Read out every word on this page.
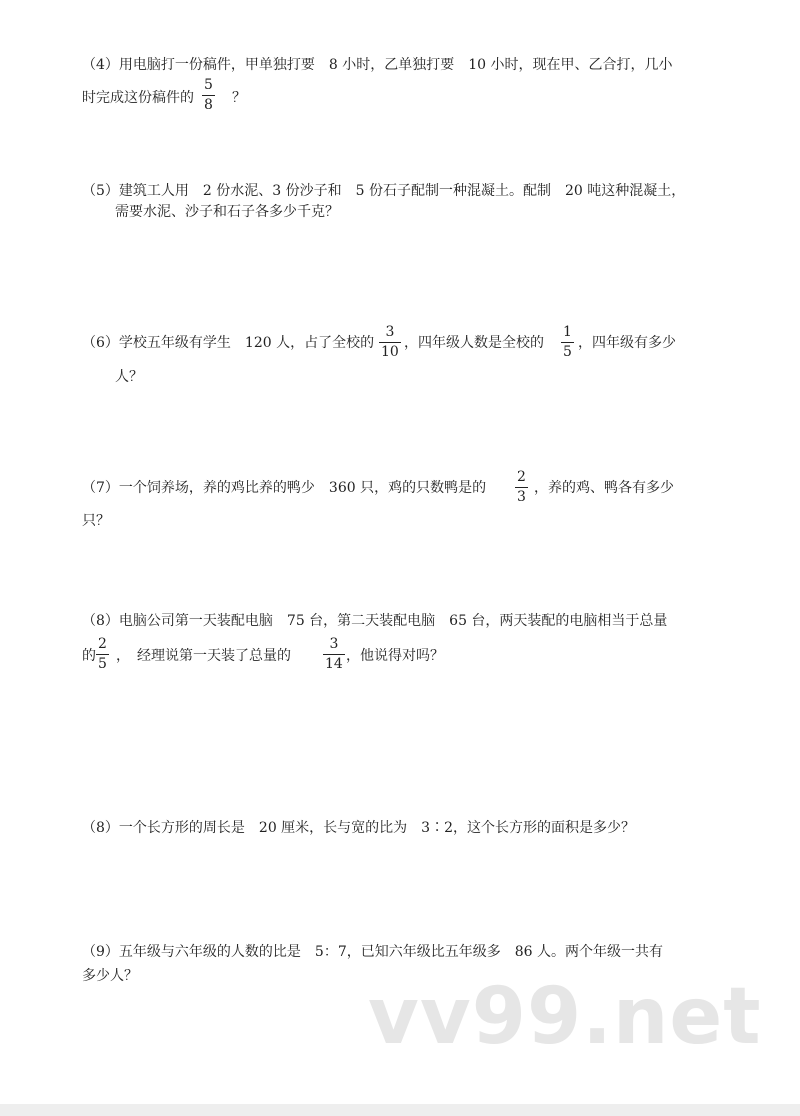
（4）用电脑打一份稿件，甲单独打要　8 小时，乙单独打要　10 小时，现在甲、乙合打，几小
时完成这份稿件的
5
8 ？
（5）建筑工人用　2 份水泥、3 份沙子和　5 份石子配制一种混凝土。配制　20 吨这种混凝土，
需要水泥、沙子和石子各多少千克？
（6）学校五年级有学生　120 人，占了全校的
3
10
，四年级人数是全校的
1
5
，四年级有多少
人？
（7）一个饲养场，养的鸡比养的鸭少　360 只，鸡的只数鸭是的
2
3
，养的鸡、鸭各有多少
只？
（8）电脑公司第一天装配电脑　75 台，第二天装配电脑　65 台，两天装配的电脑相当于总量
的
2
5 ，　经理说第一天装了总量的
3
14 ，他说得对吗？
（8）一个长方形的周长是　20 厘米，长与宽的比为　3∶2，这个长方形的面积是多少？
（9）五年级与六年级的人数的比是　5：7，已知六年级比五年级多　86 人。两个年级一共有
多少人？	vv99.net
